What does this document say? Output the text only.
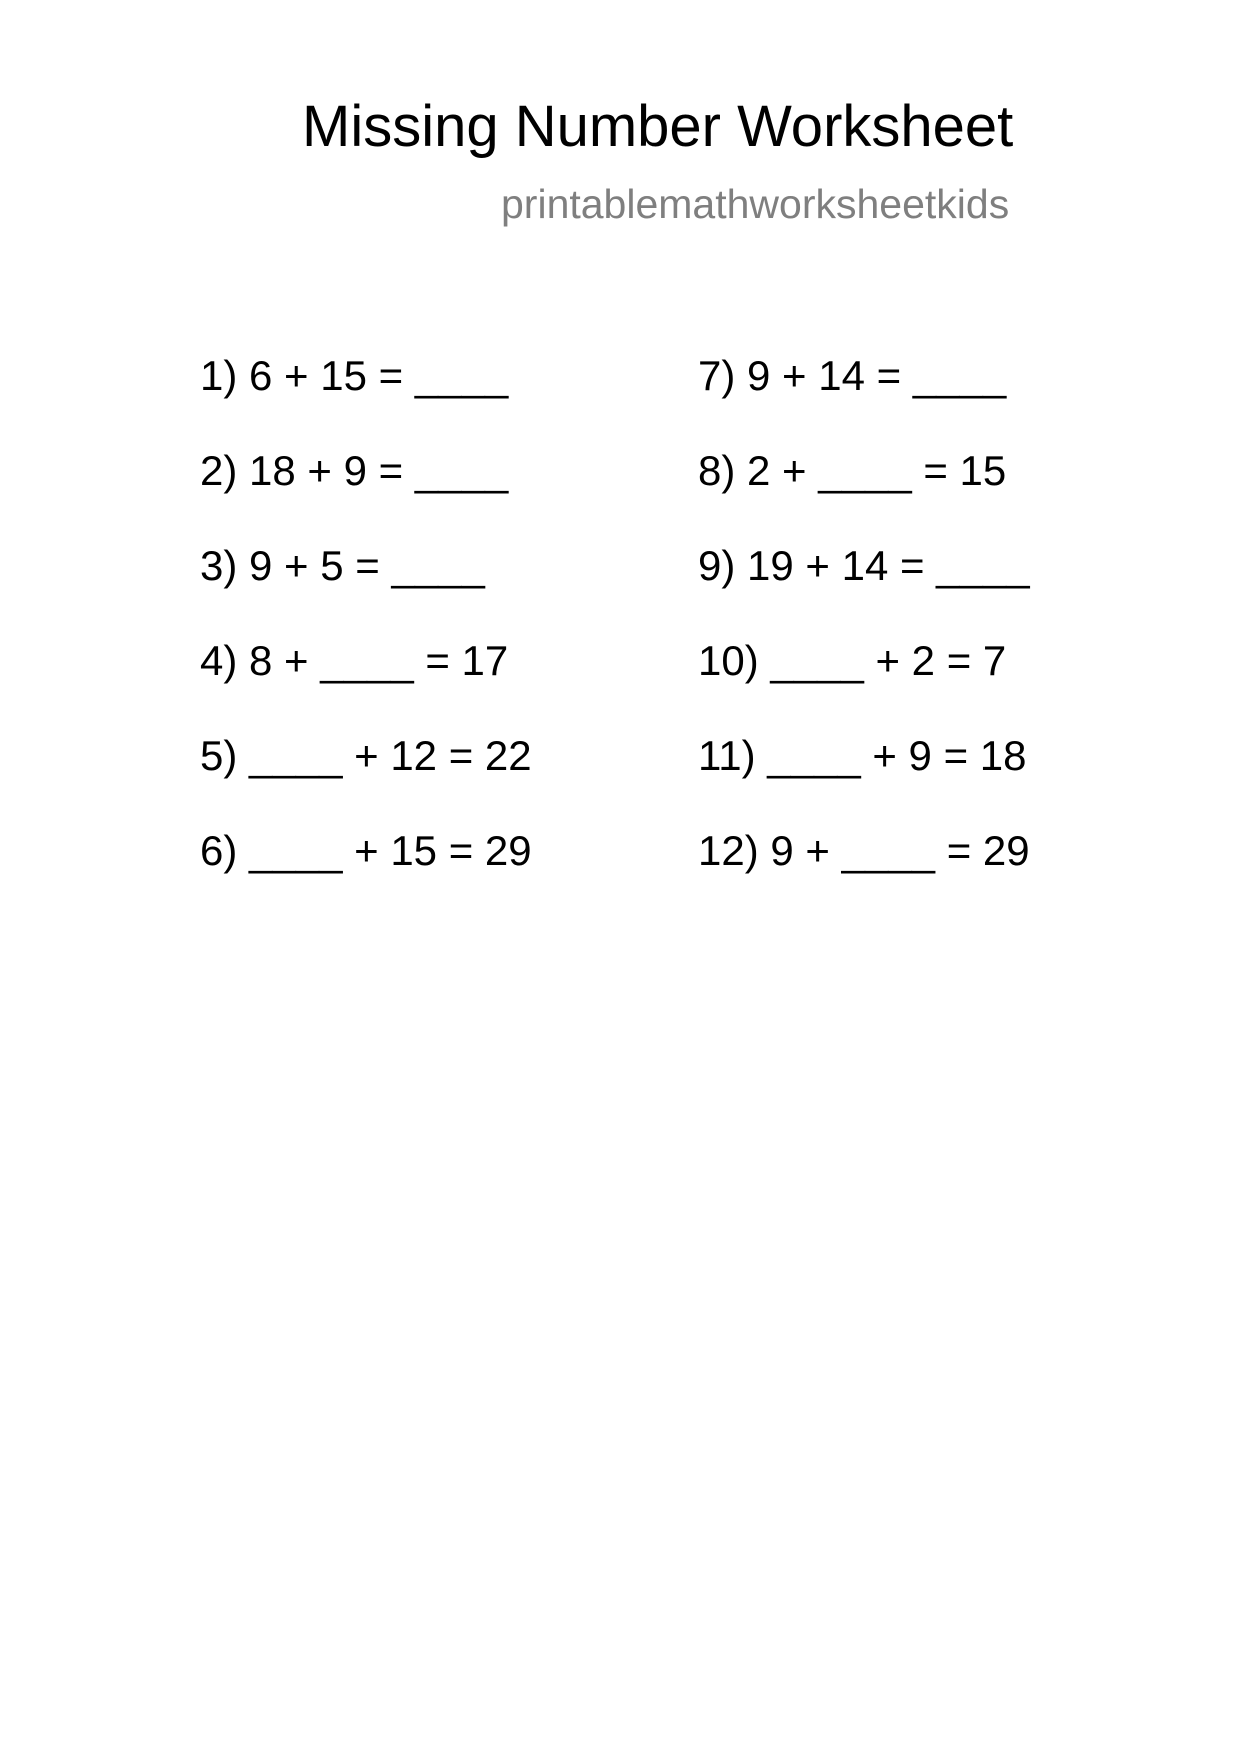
Missing Number Worksheet
printablemathworksheetkids
1) 6 + 15 = ____
2) 18 + 9 = ____
3) 9 + 5 = ____
4) 8 + ____ = 17
5) ____ + 12 = 22
6) ____ + 15 = 29
7) 9 + 14 = ____
8) 2 + ____ = 15
9) 19 + 14 = ____
10) ____ + 2 = 7
11) ____ + 9 = 18
12) 9 + ____ = 29
